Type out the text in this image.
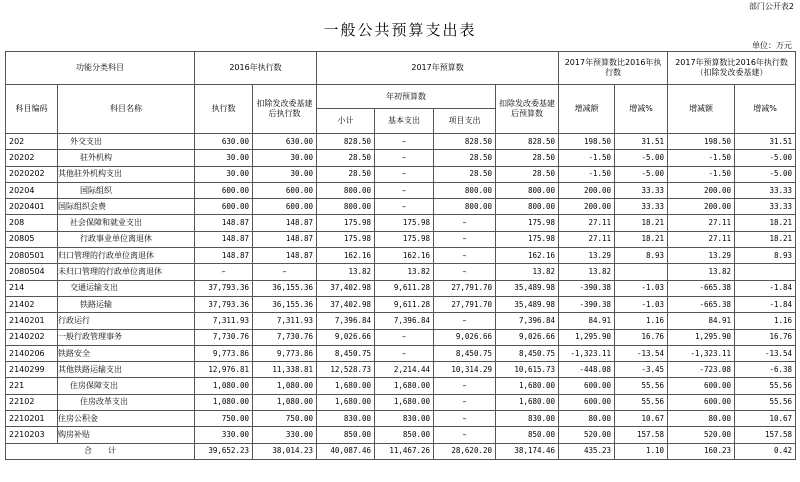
部门公开表2
一般公共预算支出表
单位：万元
功能分类科目		2016年执行数		2017年预算数				2017年预算数比2016年执行数		2017年预算数比2016年执行数（扣除发改委基建）	
科目编码	科目名称	执行数	扣除发改委基建后执行数	年初预算数			扣除发改委基建后预算数	增减额	增减%	增减额	增减%
				小计	基本支出	项目支出					
202	外交支出	630.00	630.00	828.50	–	828.50	828.50	198.50	31.51	198.50	31.51
20202	驻外机构	30.00	30.00	28.50	–	28.50	28.50	-1.50	-5.00	-1.50	-5.00
2020202	其他驻外机构支出	30.00	30.00	28.50	–	28.50	28.50	-1.50	-5.00	-1.50	-5.00
20204	国际组织	600.00	600.00	800.00	–	800.00	800.00	200.00	33.33	200.00	33.33
2020401	国际组织会费	600.00	600.00	800.00	–	800.00	800.00	200.00	33.33	200.00	33.33
208	社会保障和就业支出	148.87	148.87	175.98	175.98	–	175.98	27.11	18.21	27.11	18.21
20805	行政事业单位离退休	148.87	148.87	175.98	175.98	–	175.98	27.11	18.21	27.11	18.21
2080501	归口管理的行政单位离退休	148.87	148.87	162.16	162.16	–	162.16	13.29	8.93	13.29	8.93
2080504	未归口管理的行政单位离退休	–	–	13.82	13.82	–	13.82	13.82		13.82	
214	交通运输支出	37,793.36	36,155.36	37,402.98	9,611.28	27,791.70	35,489.98	-390.38	-1.03	-665.38	-1.84
21402	铁路运输	37,793.36	36,155.36	37,402.98	9,611.28	27,791.70	35,489.98	-390.38	-1.03	-665.38	-1.84
2140201	行政运行	7,311.93	7,311.93	7,396.84	7,396.84	–	7,396.84	84.91	1.16	84.91	1.16
2140202	一般行政管理事务	7,730.76	7,730.76	9,026.66	–	9,026.66	9,026.66	1,295.90	16.76	1,295.90	16.76
2140206	铁路安全	9,773.86	9,773.86	8,450.75	–	8,450.75	8,450.75	-1,323.11	-13.54	-1,323.11	-13.54
2140299	其他铁路运输支出	12,976.81	11,338.81	12,528.73	2,214.44	10,314.29	10,615.73	-448.08	-3.45	-723.08	-6.38
221	住房保障支出	1,080.00	1,080.00	1,680.00	1,680.00	–	1,680.00	600.00	55.56	600.00	55.56
22102	住房改革支出	1,080.00	1,080.00	1,680.00	1,680.00	–	1,680.00	600.00	55.56	600.00	55.56
2210201	住房公积金	750.00	750.00	830.00	830.00	–	830.00	80.00	10.67	80.00	10.67
2210203	购房补贴	330.00	330.00	850.00	850.00	–	850.00	520.00	157.58	520.00	157.58
合　　计		39,652.23	38,014.23	40,087.46	11,467.26	28,620.20	38,174.46	435.23	1.10	160.23	0.42
